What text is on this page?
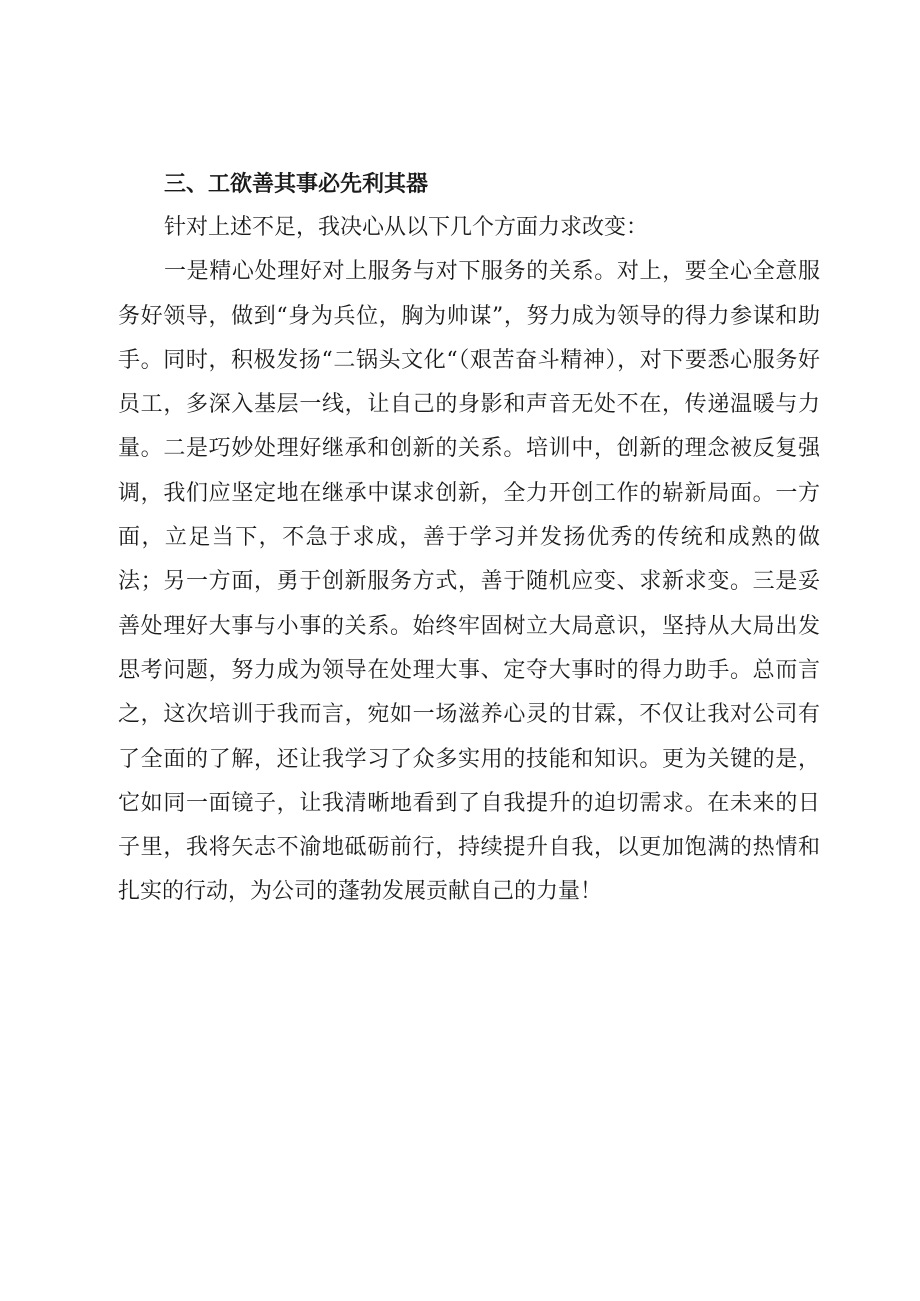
三、工欲善其事必先利其器

针对上述不足，我决心从以下几个方面力求改变：

一是精心处理好对上服务与对下服务的关系。对上，要全心全意服务好领导，做到“身为兵位，胸为帅谋”，努力成为领导的得力参谋和助手。同时，积极发扬“二锅头文化“（艰苦奋斗精神），对下要悉心服务好员工，多深入基层一线，让自己的身影和声音无处不在，传递温暖与力量。二是巧妙处理好继承和创新的关系。培训中，创新的理念被反复强调，我们应坚定地在继承中谋求创新，全力开创工作的崭新局面。一方面，立足当下，不急于求成，善于学习并发扬优秀的传统和成熟的做法；另一方面，勇于创新服务方式，善于随机应变、求新求变。三是妥善处理好大事与小事的关系。始终牢固树立大局意识，坚持从大局出发思考问题，努力成为领导在处理大事、定夺大事时的得力助手。总而言之，这次培训于我而言，宛如一场滋养心灵的甘霖，不仅让我对公司有了全面的了解，还让我学习了众多实用的技能和知识。更为关键的是，它如同一面镜子，让我清晰地看到了自我提升的迫切需求。在未来的日子里，我将矢志不渝地砥砺前行，持续提升自我，以更加饱满的热情和扎实的行动，为公司的蓬勃发展贡献自己的力量！
